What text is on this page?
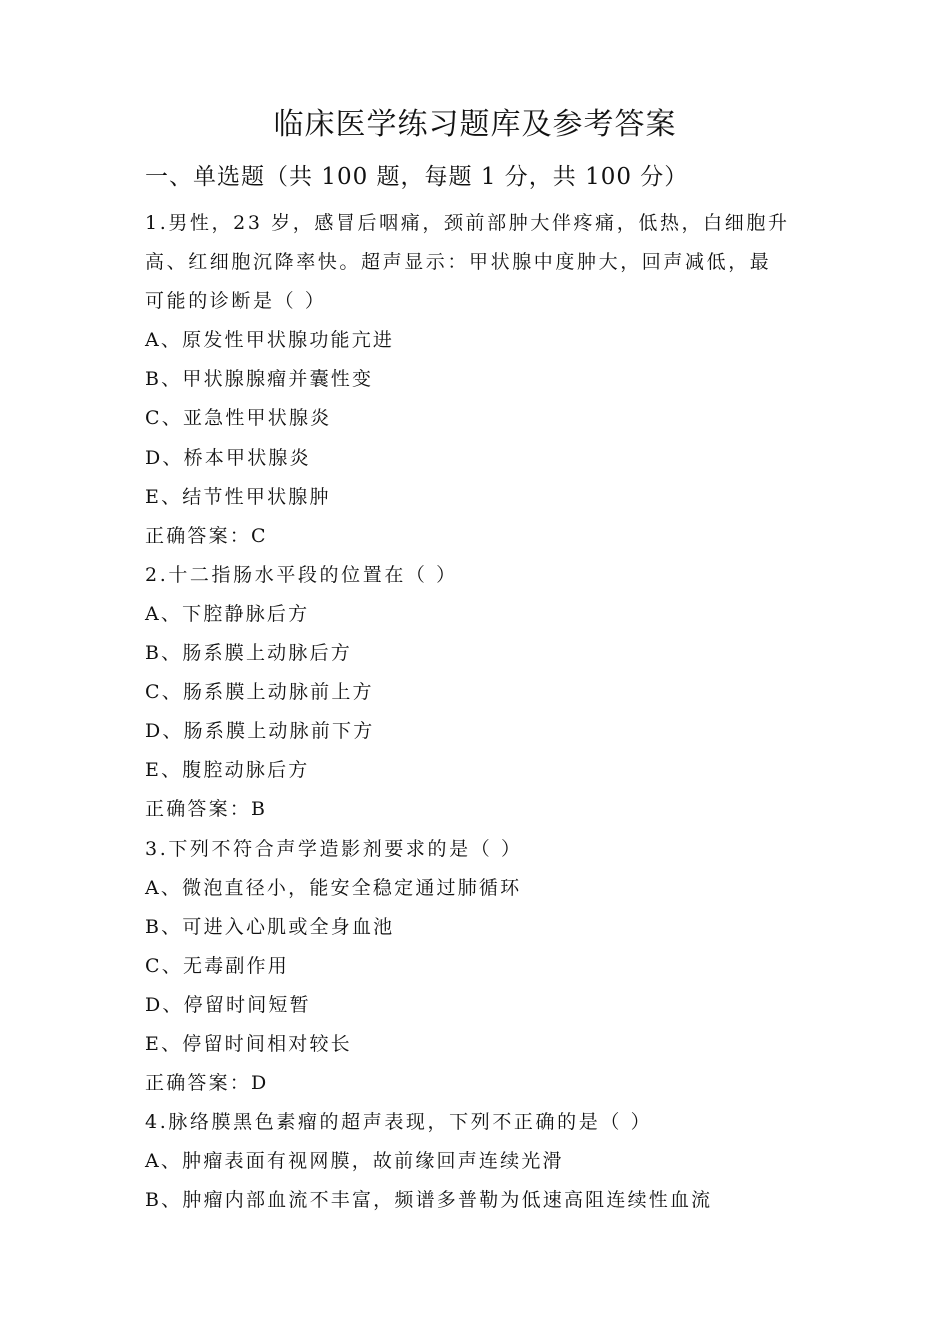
临床医学练习题库及参考答案
一、单选题（共 100 题，每题 1 分，共 100 分）
1.男性，23 岁，感冒后咽痛，颈前部肿大伴疼痛，低热，白细胞升
高、红细胞沉降率快。超声显示：甲状腺中度肿大，回声减低，最
可能的诊断是（ ）
A、原发性甲状腺功能亢进
B、甲状腺腺瘤并囊性变
C、亚急性甲状腺炎
D、桥本甲状腺炎
E、结节性甲状腺肿
正确答案：C
2.十二指肠水平段的位置在（ ）
A、下腔静脉后方
B、肠系膜上动脉后方
C、肠系膜上动脉前上方
D、肠系膜上动脉前下方
E、腹腔动脉后方
正确答案：B
3.下列不符合声学造影剂要求的是（ ）
A、微泡直径小，能安全稳定通过肺循环
B、可进入心肌或全身血池
C、无毒副作用
D、停留时间短暂
E、停留时间相对较长
正确答案：D
4.脉络膜黑色素瘤的超声表现，下列不正确的是（ ）
A、肿瘤表面有视网膜，故前缘回声连续光滑
B、肿瘤内部血流不丰富，频谱多普勒为低速高阻连续性血流
